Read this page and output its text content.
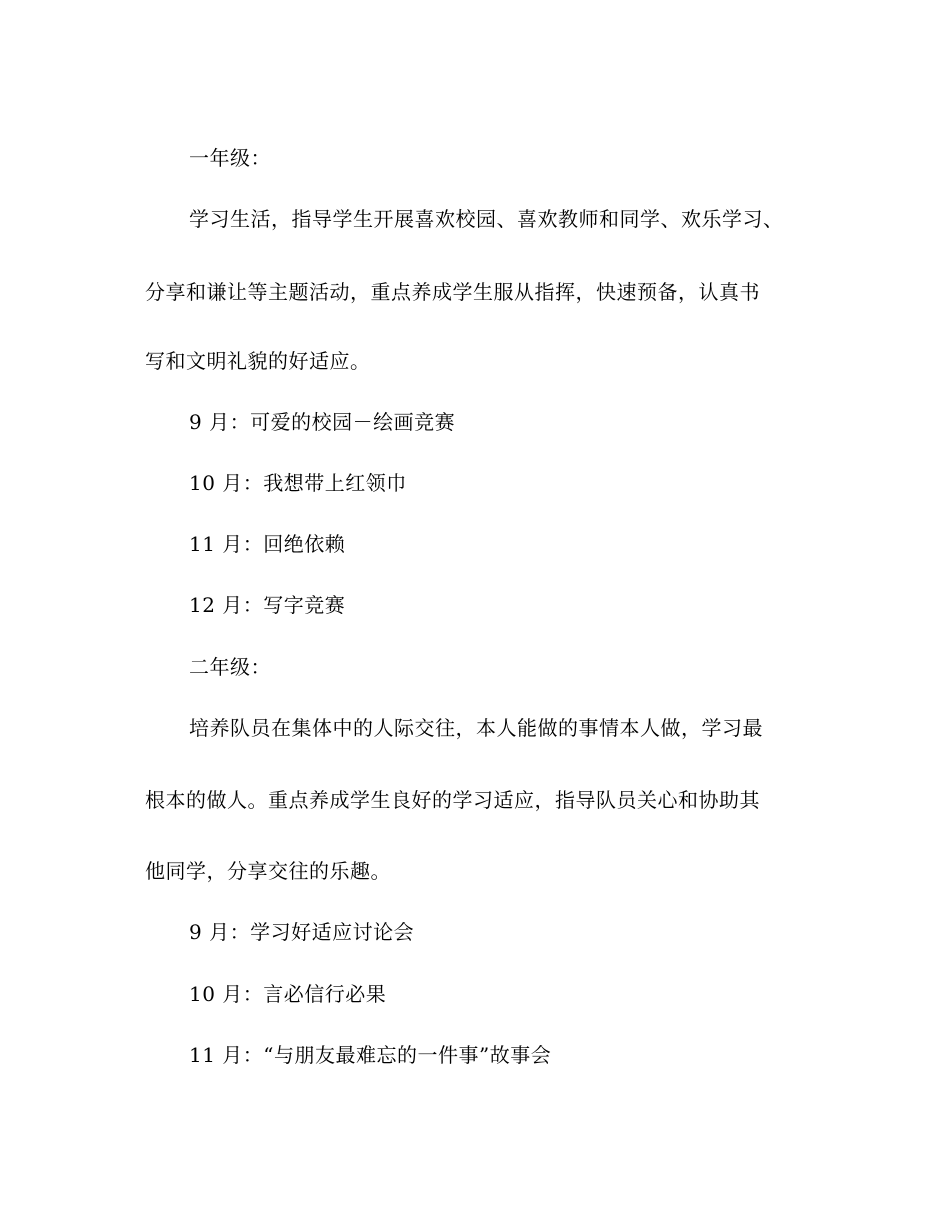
一年级：
学习生活，指导学生开展喜欢校园、喜欢教师和同学、欢乐学习、
分享和谦让等主题活动，重点养成学生服从指挥，快速预备，认真书
写和文明礼貌的好适应。
9 月：可爱的校园－绘画竞赛
10 月：我想带上红领巾
11 月：回绝依赖
12 月：写字竞赛
二年级：
培养队员在集体中的人际交往，本人能做的事情本人做，学习最
根本的做人。重点养成学生良好的学习适应，指导队员关心和协助其
他同学，分享交往的乐趣。
9 月：学习好适应讨论会
10 月：言必信行必果
11 月：“与朋友最难忘的一件事”故事会
